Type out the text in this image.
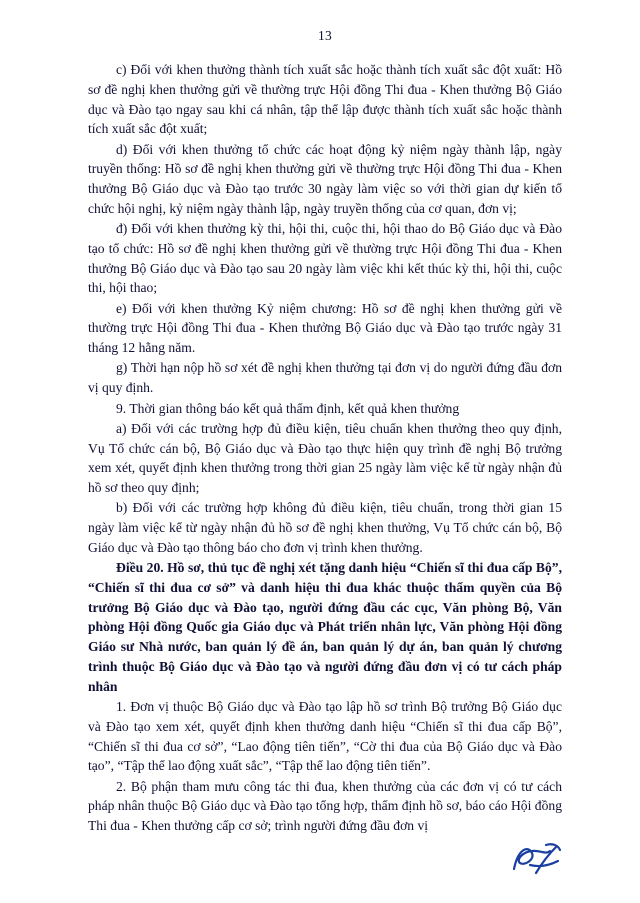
13

c) Đối với khen thưởng thành tích xuất sắc hoặc thành tích xuất sắc đột xuất: Hồ sơ đề nghị khen thưởng gửi về thường trực Hội đồng Thi đua - Khen thưởng Bộ Giáo dục và Đào tạo ngay sau khi cá nhân, tập thể lập được thành tích xuất sắc hoặc thành tích xuất sắc đột xuất;

d) Đối với khen thưởng tổ chức các hoạt động kỷ niệm ngày thành lập, ngày truyền thống: Hồ sơ đề nghị khen thưởng gửi về thường trực Hội đồng Thi đua - Khen thưởng Bộ Giáo dục và Đào tạo trước 30 ngày làm việc so với thời gian dự kiến tổ chức hội nghị, kỷ niệm ngày thành lập, ngày truyền thống của cơ quan, đơn vị;

đ) Đối với khen thưởng kỳ thi, hội thi, cuộc thi, hội thao do Bộ Giáo dục và Đào tạo tổ chức: Hồ sơ đề nghị khen thưởng gửi về thường trực Hội đồng Thi đua - Khen thưởng Bộ Giáo dục và Đào tạo sau 20 ngày làm việc khi kết thúc kỳ thi, hội thi, cuộc thi, hội thao;

e) Đối với khen thưởng Kỷ niệm chương: Hồ sơ đề nghị khen thưởng gửi về thường trực Hội đồng Thi đua - Khen thưởng Bộ Giáo dục và Đào tạo trước ngày 31 tháng 12 hằng năm.

g) Thời hạn nộp hồ sơ xét đề nghị khen thưởng tại đơn vị do người đứng đầu đơn vị quy định.

9. Thời gian thông báo kết quả thẩm định, kết quả khen thưởng

a) Đối với các trường hợp đủ điều kiện, tiêu chuẩn khen thưởng theo quy định, Vụ Tổ chức cán bộ, Bộ Giáo dục và Đào tạo thực hiện quy trình đề nghị Bộ trưởng xem xét, quyết định khen thưởng trong thời gian 25 ngày làm việc kể từ ngày nhận đủ hồ sơ theo quy định;

b) Đối với các trường hợp không đủ điều kiện, tiêu chuẩn, trong thời gian 15 ngày làm việc kể từ ngày nhận đủ hồ sơ đề nghị khen thưởng, Vụ Tổ chức cán bộ, Bộ Giáo dục và Đào tạo thông báo cho đơn vị trình khen thưởng.

Điều 20. Hồ sơ, thủ tục đề nghị xét tặng danh hiệu “Chiến sĩ thi đua cấp Bộ”, “Chiến sĩ thi đua cơ sở” và danh hiệu thi đua khác thuộc thẩm quyền của Bộ trưởng Bộ Giáo dục và Đào tạo, người đứng đầu các cục, Văn phòng Bộ, Văn phòng Hội đồng Quốc gia Giáo dục và Phát triển nhân lực, Văn phòng Hội đồng Giáo sư Nhà nước, ban quản lý đề án, ban quản lý dự án, ban quản lý chương trình thuộc Bộ Giáo dục và Đào tạo và người đứng đầu đơn vị có tư cách pháp nhân

1. Đơn vị thuộc Bộ Giáo dục và Đào tạo lập hồ sơ trình Bộ trưởng Bộ Giáo dục và Đào tạo xem xét, quyết định khen thưởng danh hiệu “Chiến sĩ thi đua cấp Bộ”, “Chiến sĩ thi đua cơ sở”, “Lao động tiên tiến”, “Cờ thi đua của Bộ Giáo dục và Đào tạo”, “Tập thể lao động xuất sắc”, “Tập thể lao động tiên tiến”.

2. Bộ phận tham mưu công tác thi đua, khen thưởng của các đơn vị có tư cách pháp nhân thuộc Bộ Giáo dục và Đào tạo tổng hợp, thẩm định hồ sơ, báo cáo Hội đồng Thi đua - Khen thưởng cấp cơ sở; trình người đứng đầu đơn vị
